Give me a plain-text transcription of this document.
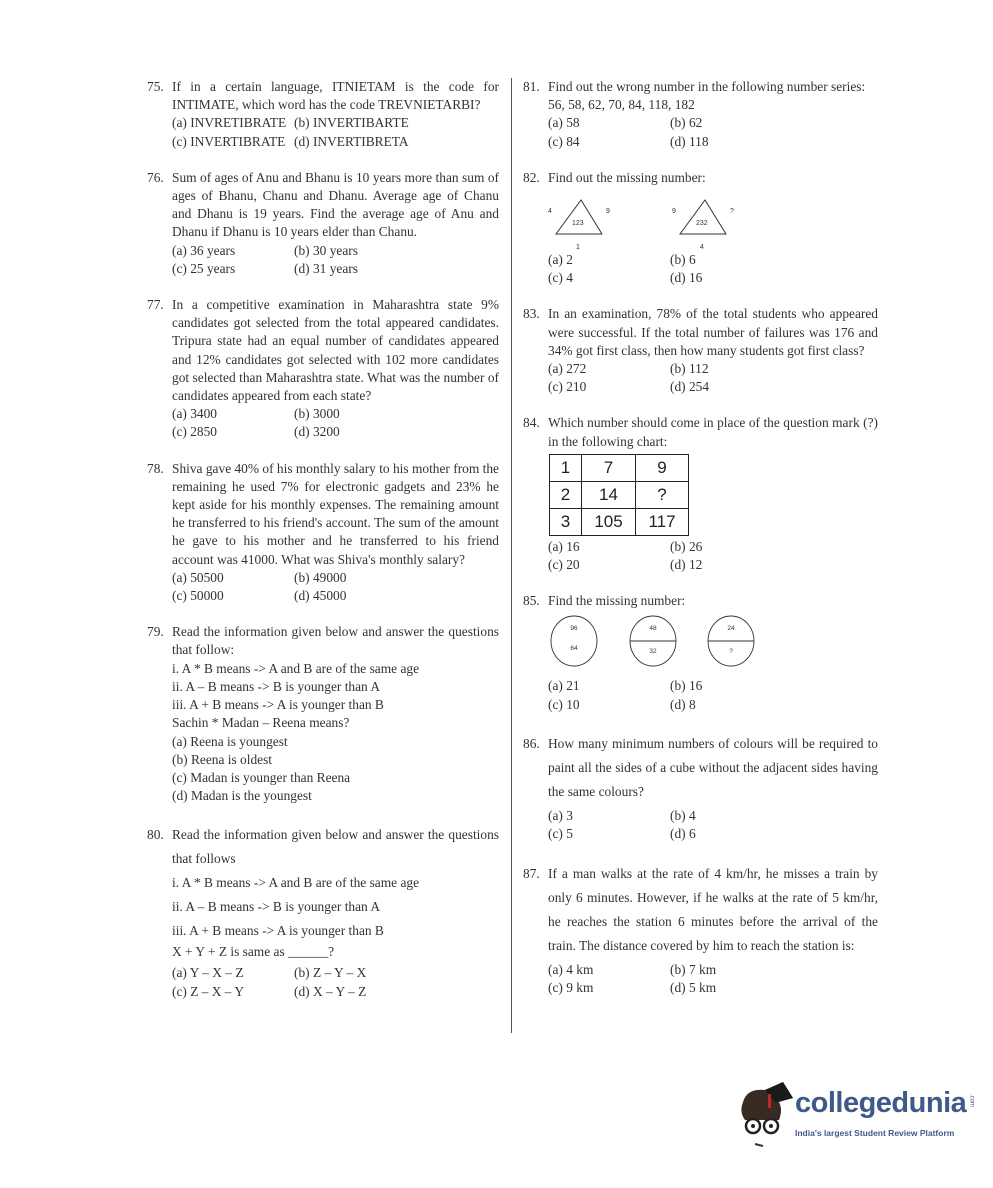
75. If in a certain language, ITNIETAM is the code for INTIMATE, which word has the code TREVNIETARBI?
(a) INVRETIBRATE (b) INVERTIBARTE
(c) INVERTIBRATE (d) INVERTIBRETA
76. Sum of ages of Anu and Bhanu is 10 years more than sum of ages of Bhanu, Chanu and Dhanu. Average age of Chanu and Dhanu is 19 years. Find the average age of Anu and Dhanu if Dhanu is 10 years elder than Chanu.
(a) 36 years	(b) 30 years
(c) 25 years	(d) 31 years
77. In a competitive examination in Maharashtra state 9% candidates got selected from the total appeared candidates. Tripura state had an equal number of candidates appeared and 12% candidates got selected with 102 more candidates got selected than Maharashtra state. What was the number of candidates appeared from each state?
(a) 3400	(b) 3000
(c) 2850	(d) 3200
78. Shiva gave 40% of his monthly salary to his mother from the remaining he used 7% for electronic gadgets and 23% he kept aside for his monthly expenses. The remaining amount he transferred to his friend's account. The sum of the amount he gave to his mother and he transferred to his friend account was 41000. What was Shiva's monthly salary?
(a) 50500	(b) 49000
(c) 50000	(d) 45000
79. Read the information given below and answer the questions that follow:
i. A * B means -> A and B are of the same age
ii. A – B means -> B is younger than A
iii. A + B means -> A is younger than B
Sachin * Madan – Reena means?
(a) Reena is youngest
(b) Reena is oldest
(c) Madan is younger than Reena
(d) Madan is the youngest
80. Read the information given below and answer the questions that follows
i. A * B means -> A and B are of the same age
ii. A – B means -> B is younger than A
iii. A + B means -> A is younger than B
X + Y + Z is same as ______?
(a) Y – X – Z	(b) Z – Y – X
(c) Z – X – Y	(d) X – Y – Z
81. Find out the wrong number in the following number series:
56, 58, 62, 70, 84, 118, 182
(a) 58	(b) 62
(c) 84	(d) 118
82. Find out the missing number:
4	9
123
1
9	?
232
4
(a) 2	(b) 6
(c) 4	(d) 16
83. In an examination, 78% of the total students who appeared were successful. If the total number of failures was 176 and 34% got first class, then how many students got first class?
(a) 272	(b) 112
(c) 210	(d) 254
84. Which number should come in place of the question mark (?) in the following chart:
1	7	9
2	14	?
3	105	117
(a) 16	(b) 26
(c) 20	(d) 12
85. Find the missing number:
96
64
48
32
24
?
(a) 21	(b) 16
(c) 10	(d) 8
86. How many minimum numbers of colours will be required to paint all the sides of a cube without the adjacent sides having the same colours?
(a) 3	(b) 4
(c) 5	(d) 6
87. If a man walks at the rate of 4 km/hr, he misses a train by only 6 minutes. However, if he walks at the rate of 5 km/hr, he reaches the station 6 minutes before the arrival of the train. The distance covered by him to reach the station is:
(a) 4 km	(b) 7 km
(c) 9 km	(d) 5 km
collegedunia .com
India's largest Student Review Platform
